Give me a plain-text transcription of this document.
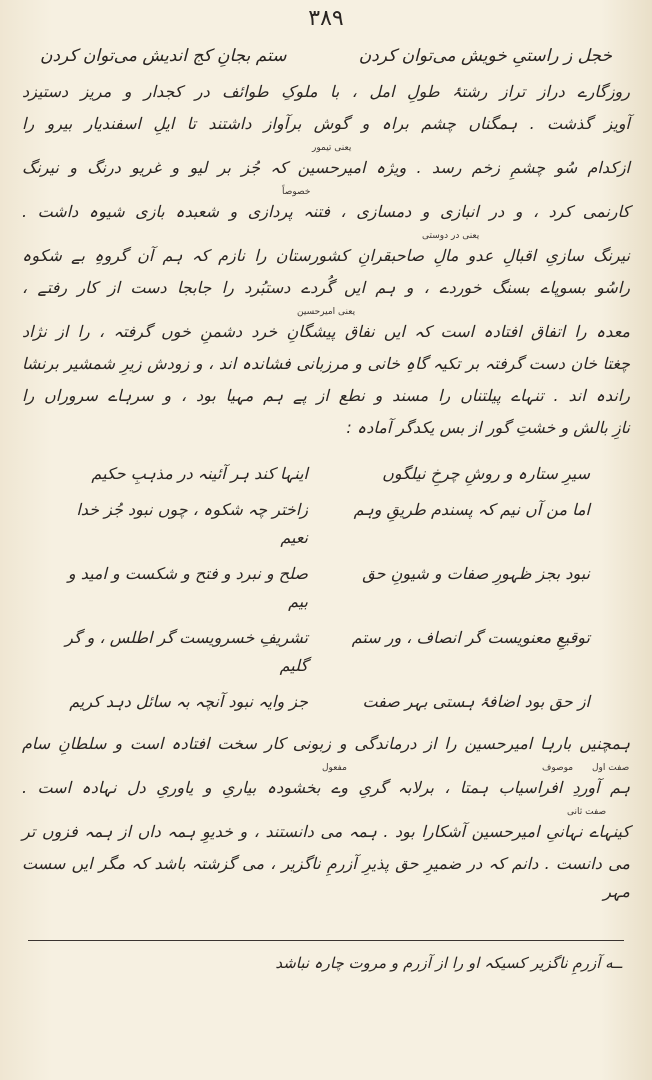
۳۸۹
خجل ز راستیِ خویش می‌توان کردن
ستم بجانِ کج اندیش می‌توان کردن
روزگارے دراز تراز رشتۂ طولِ امل ، با ملوکِ طوائف در کجدار و مریز دستیزد
آویز گذشت . ہمگناں چشم براہ و گوش برآواز داشتند تا ایلِ اسفندیار بیرو را
یعنی تیمور
ازکدام سُو چشمِ زخم رسد . ویژہ امیرحسین کہ جُز بر لیو و غریو درنگ و نیرنگ
خصوصاً
کارنمی کرد ، و در انبازی و دمسازی ، فتنہ پردازی و شعبدہ بازی شیوہ داشت .
یعنی در دوستی
نیرنگ سازیِ اقبالِ عدو مالِ صاحبقرانِ کشورستان را نازم کہ ہم آن گروہِ بے شکوہ
راسُو بسوپاے بسنگ خوردے ، و ہم ایں گُردے دستبُرد را جابجا دست از کار رفتے ،
یعنی امیرحسین
معدہ را اتفاق افتادہ است کہ ایں نفاق پیشگانِ خرد دشمنِ خوں گرفتہ ، را از نژاد
چغتا خان دست گرفتہ بر تکیہ گاہِ خانی و مرزبانی فشاندہ اند ، و زودش زیرِ شمشیر برنشا
راندہ اند . تنہاے پیلتناں را مسند و نطع از پے ہم مہیا بود ، و سرہاے سروراں را
نازِ بالش و خشتِ گور از بس یکدگر آمادہ :
سیرِ ستارہ و روشِ چرخِ نیلگوں
اینہا کند ہر آئینہ در مذہبِ حکیم
اما من آں نیم کہ پسندم طریقِ وہم
زاختر چہ شکوہ ، چوں نبود جُز خدا نعیم
نبود بجز ظہورِ صفات و شیونِ حق
صلح و نبرد و فتح و شکست و امید و بیم
توقیعِ معنویست گر انصاف ، ور ستم
تشریفِ خسرویست گر اطلس ، و گر گلیم
از حق بود اضافۂ ہستی بہر صفت
جز وایہ نبود آنچہ بہ سائل دہد کریم
ہمچنیں بارہا امیرحسین را از درماندگی و زبونی کار سخت افتادہ است و سلطانِ سام
مفعول	موصوف صفت اول
ہم آوردِ افراسیاب ہمتا ، برلابہ گریِ وے بخشودہ بیاریِ و یاوریِ دل نہادہ است .
صفت ثانی
کینہاے نہانیِ امیرحسین آشکارا بود . ہمہ می دانستند ، و خدیوِ ہمہ داں از ہمہ فزوں تر
می دانست . دانم کہ در ضمیرِ حق پذیرِ آزرمِ ناگزیر ، می گزشتہ باشد کہ مگر ایں سست مہر
ــه آزرمِ ناگزیر کسیکہ او را از آزرم و مروت چارہ نباشد
